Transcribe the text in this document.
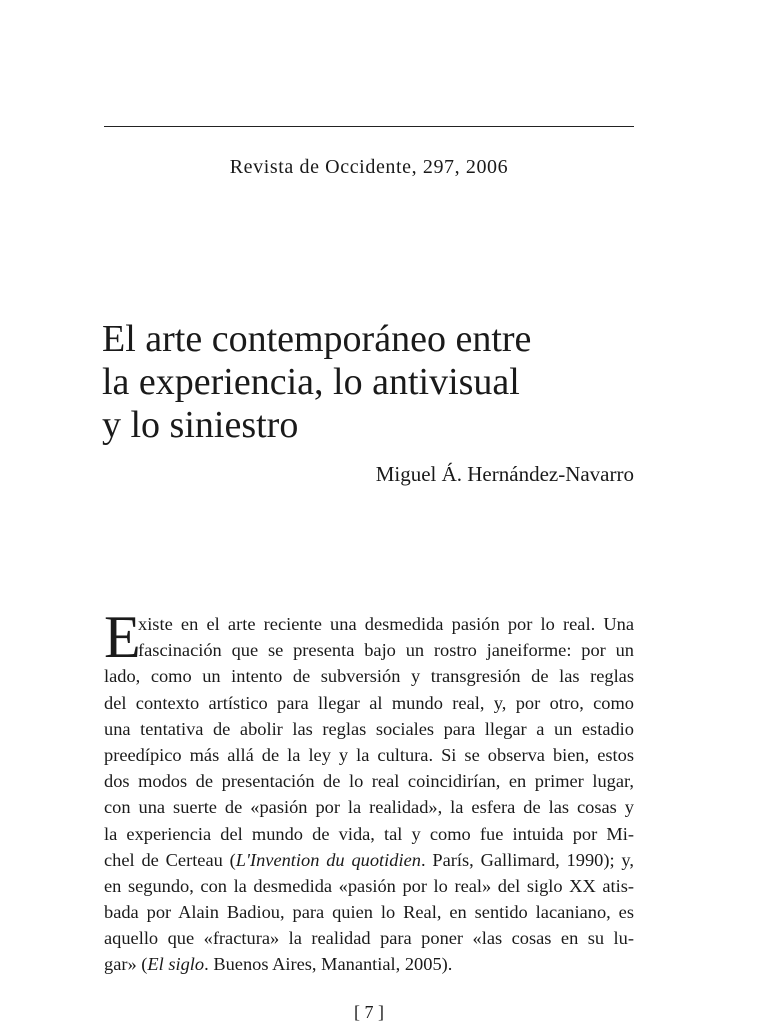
Revista de Occidente, 297, 2006
El arte contemporáneo entre
la experiencia, lo antivisual
y lo siniestro
Miguel Á. Hernández-Navarro
E
xiste en el arte reciente una desmedida pasión por lo real. Una
fascinación que se presenta bajo un rostro janeiforme: por un
lado, como un intento de subversión y transgresión de las reglas
del contexto artístico para llegar al mundo real, y, por otro, como
una tentativa de abolir las reglas sociales para llegar a un estadio
preedípico más allá de la ley y la cultura. Si se observa bien, estos
dos modos de presentación de lo real coincidirían, en primer lugar,
con una suerte de «pasión por la realidad», la esfera de las cosas y
la experiencia del mundo de vida, tal y como fue intuida por Mi-
chel de Certeau (L'Invention du quotidien. París, Gallimard, 1990); y,
en segundo, con la desmedida «pasión por lo real» del siglo XX atis-
bada por Alain Badiou, para quien lo Real, en sentido lacaniano, es
aquello que «fractura» la realidad para poner «las cosas en su lu-
gar» (El siglo. Buenos Aires, Manantial, 2005).
[ 7 ]
